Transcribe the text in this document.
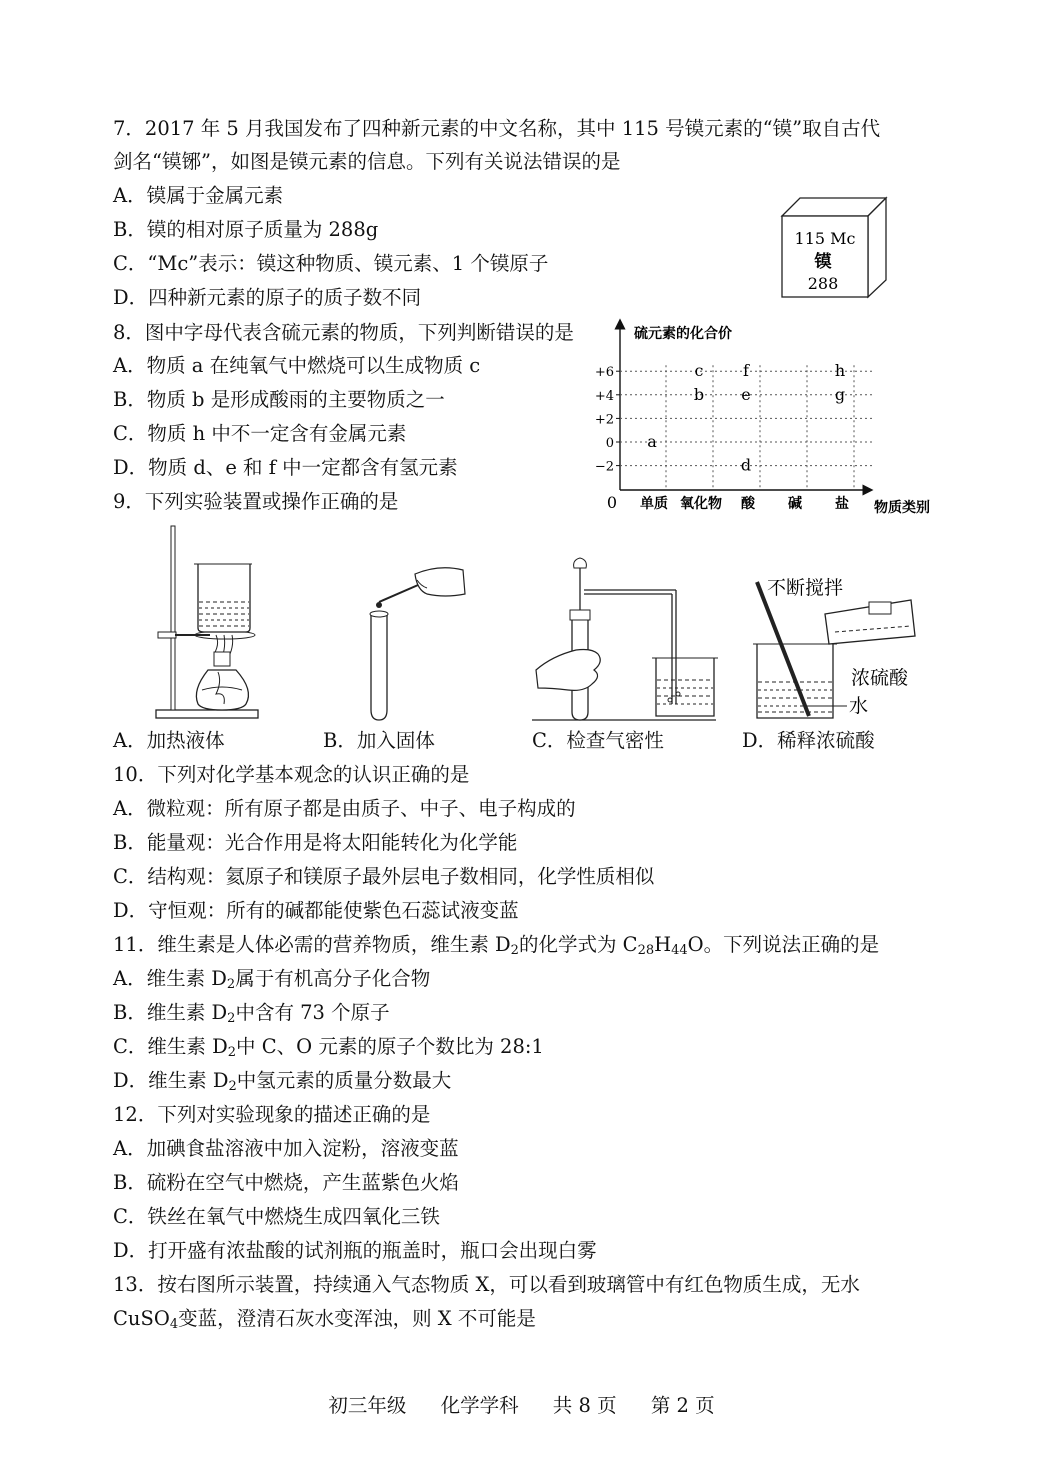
7．2017 年 5 月我国发布了四种新元素的中文名称，其中 115 号镆元素的“镆”取自古代
剑名“镆铘”，如图是镆元素的信息。下列有关说法错误的是
A．镆属于金属元素
B．镆的相对原子质量为 288g
C．“Mc”表示：镆这种物质、镆元素、1 个镆原子
D．四种新元素的原子的质子数不同
115 Mc
镆
288
8．图中字母代表含硫元素的物质，下列判断错误的是
A．物质 a 在纯氧气中燃烧可以生成物质 c
B．物质 b 是形成酸雨的主要物质之一
C．物质 h 中不一定含有金属元素
D．物质 d、e 和 f 中一定都含有氢元素
硫元素的化合价
物质类别
0
+6
+4
+2
0
−2
单质 氧化物 酸 碱 盐
a
b
c
d
e
f
g
h
9．下列实验装置或操作正确的是
不断搅拌
浓硫酸
水
A．加热液体	B．加入固体	C．检查气密性	D．稀释浓硫酸
10．下列对化学基本观念的认识正确的是
A．微粒观：所有原子都是由质子、中子、电子构成的
B．能量观：光合作用是将太阳能转化为化学能
C．结构观：氦原子和镁原子最外层电子数相同，化学性质相似
D．守恒观：所有的碱都能使紫色石蕊试液变蓝
11．维生素是人体必需的营养物质，维生素 $D_2$的化学式为 $C_{28}H_{44}O$。下列说法正确的是
A．维生素 $D_2$属于有机高分子化合物
B．维生素 $D_2$中含有 73 个原子
C．维生素 $D_2$中 C、O 元素的原子个数比为 28:1
D．维生素 $D_2$中氢元素的质量分数最大
12．下列对实验现象的描述正确的是
A．加碘食盐溶液中加入淀粉，溶液变蓝
B．硫粉在空气中燃烧，产生蓝紫色火焰
C．铁丝在氧气中燃烧生成四氧化三铁
D．打开盛有浓盐酸的试剂瓶的瓶盖时，瓶口会出现白雾
13．按右图所示装置，持续通入气态物质 X，可以看到玻璃管中有红色物质生成，无水
CuSO$_4$变蓝，澄清石灰水变浑浊，则 X 不可能是
初三年级 化学学科 共 8 页 第 2 页
